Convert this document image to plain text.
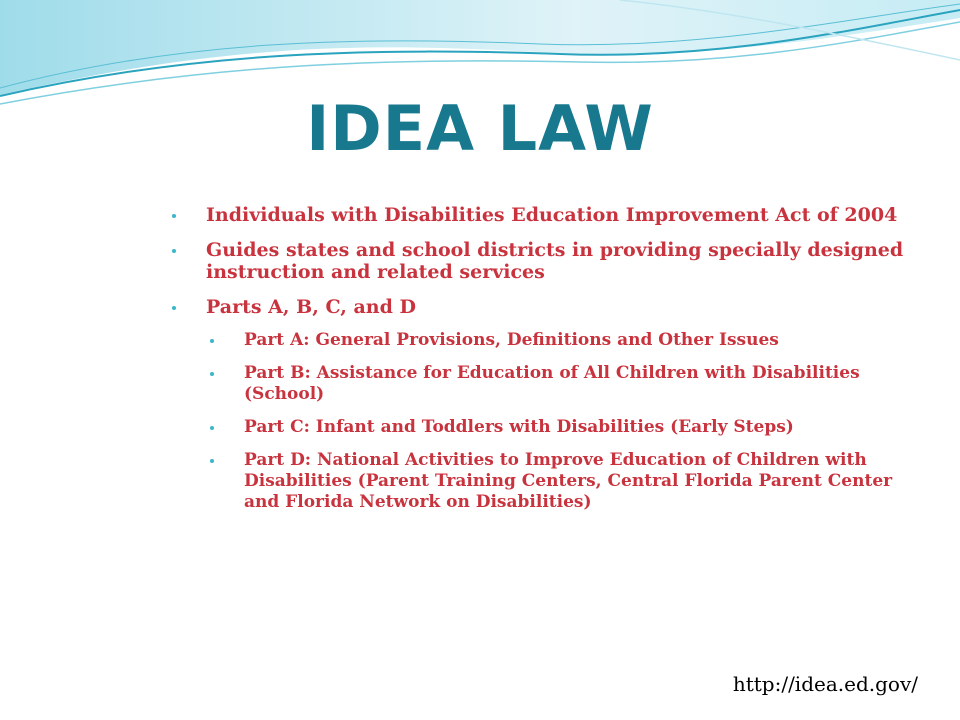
IDEA LAW
Individuals with Disabilities Education Improvement Act of 2004
Guides states and school districts in providing specially designed instruction and related services
Parts A, B, C, and D
Part A: General Provisions, Definitions and Other Issues
Part B: Assistance for Education of All Children with Disabilities (School)
Part C: Infant and Toddlers with Disabilities (Early Steps)
Part D: National Activities to Improve Education of Children with Disabilities (Parent Training Centers, Central Florida Parent Center and Florida Network on Disabilities)
http://idea.ed.gov/
